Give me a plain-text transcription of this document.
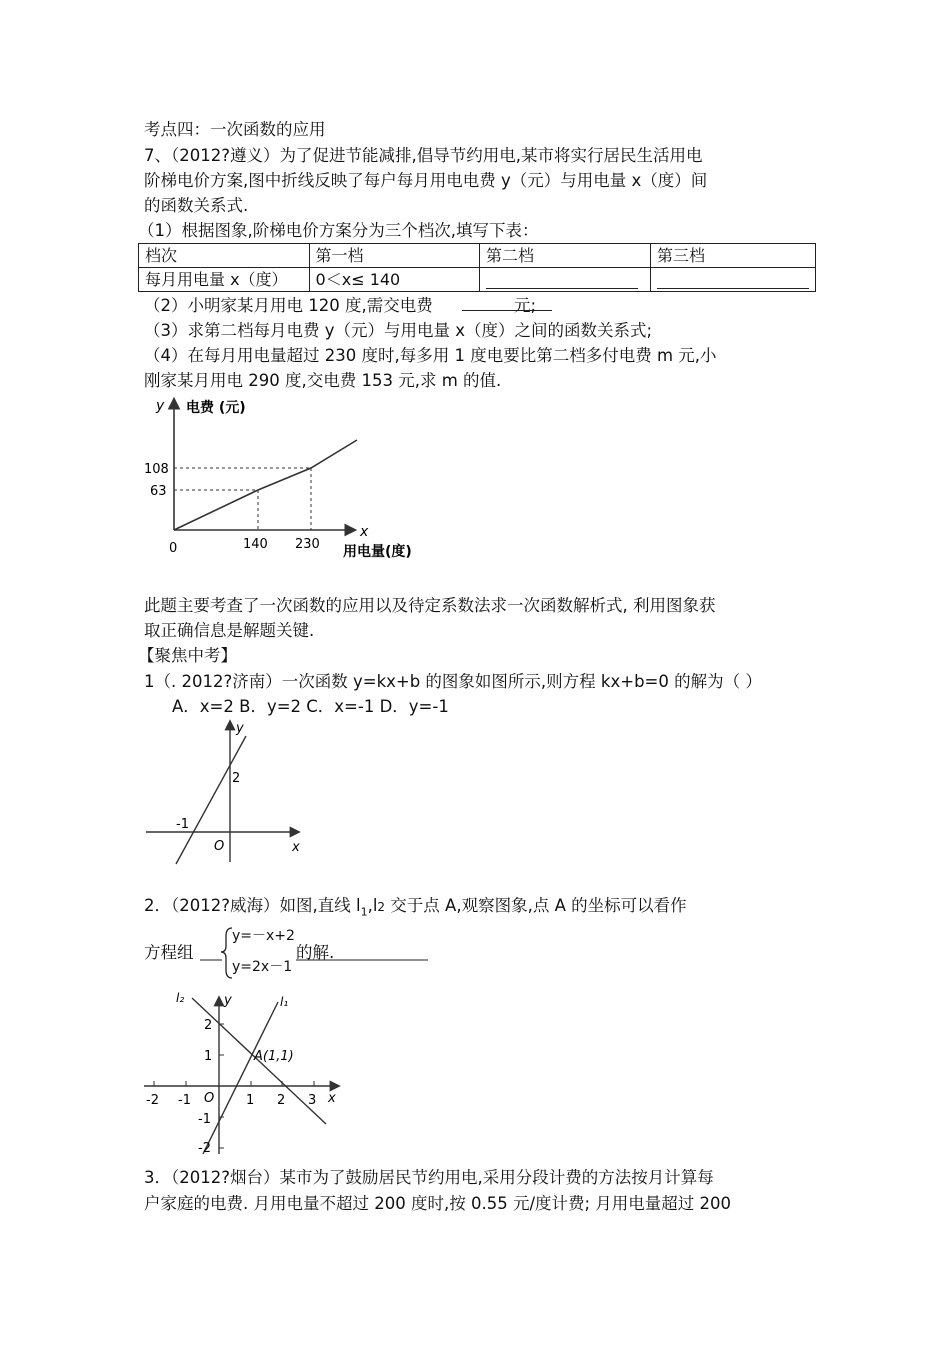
考点四：一次函数的应用
7、（2012?遵义）为了促进节能减排,倡导节约用电,某市将实行居民生活用电
阶梯电价方案,图中折线反映了每户每月用电电费 y（元）与用电量 x（度）间
的函数关系式.
（1）根据图象,阶梯电价方案分为三个档次,填写下表：
档次	第一档	第二档	第三档
每月用电量 x（度）	0＜x≤ 140		
（2）小明家某月用电 120 度,需交电费	元;
（3）求第二档每月电费 y（元）与用电量 x（度）之间的函数关系式;
（4）在每月用电量超过 230 度时,每多用 1 度电要比第二档多付电费 m 元,小
刚家某月用电 290 度,交电费 153 元,求 m 的值.
y 电费 (元)
x
用电量(度)
0	140 230
108
63
此题主要考查了一次函数的应用以及待定系数法求一次函数解析式, 利用图象获
取正确信息是解题关键.
【聚焦中考】
1（. 2012?济南）一次函数 y=kx+b 的图象如图所示,则方程 kx+b=0 的解为（ ）
A．x=2 B．y=2 C．x=-1 D．y=-1
y
x
2
-1
O
2．（2012?威海）如图,直线 $l_1,l2$ 交于点 A,观察图象,点 A 的坐标可以看作
方程组
y=－x+2
y=2x－1
的解.
l₂	l₁
y
x
O
A(1,1)
-2 -1	1 2 3
2
1
-1
-2
3．（2012?烟台）某市为了鼓励居民节约用电,采用分段计费的方法按月计算每
户家庭的电费. 月用电量不超过 200 度时,按 0.55 元/度计费; 月用电量超过 200
